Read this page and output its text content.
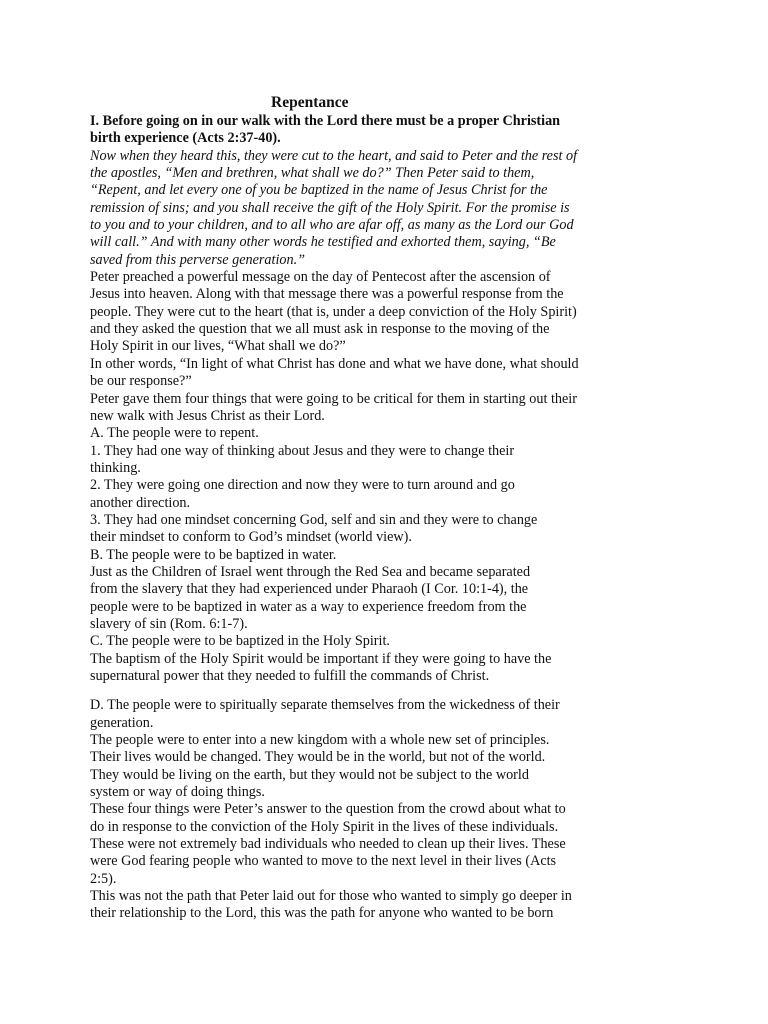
Repentance

I. Before going on in our walk with the Lord there must be a proper Christian

birth experience (Acts 2:37-40).

Now when they heard this, they were cut to the heart, and said to Peter and the rest of

the apostles, “Men and brethren, what shall we do?” Then Peter said to them,

“Repent, and let every one of you be baptized in the name of Jesus Christ for the

remission of sins; and you shall receive the gift of the Holy Spirit. For the promise is

to you and to your children, and to all who are afar off, as many as the Lord our God

will call.” And with many other words he testified and exhorted them, saying, “Be

saved from this perverse generation.”

Peter preached a powerful message on the day of Pentecost after the ascension of

Jesus into heaven. Along with that message there was a powerful response from the

people. They were cut to the heart (that is, under a deep conviction of the Holy Spirit)

and they asked the question that we all must ask in response to the moving of the

Holy Spirit in our lives, “What shall we do?”

In other words, “In light of what Christ has done and what we have done, what should

be our response?”

Peter gave them four things that were going to be critical for them in starting out their

new walk with Jesus Christ as their Lord.

A. The people were to repent.

1. They had one way of thinking about Jesus and they were to change their

thinking.

2. They were going one direction and now they were to turn around and go

another direction.

3. They had one mindset concerning God, self and sin and they were to change

their mindset to conform to God’s mindset (world view).

B. The people were to be baptized in water.

Just as the Children of Israel went through the Red Sea and became separated

from the slavery that they had experienced under Pharaoh (I Cor. 10:1-4), the

people were to be baptized in water as a way to experience freedom from the

slavery of sin (Rom. 6:1-7).

C. The people were to be baptized in the Holy Spirit.

The baptism of the Holy Spirit would be important if they were going to have the

supernatural power that they needed to fulfill the commands of Christ.

D. The people were to spiritually separate themselves from the wickedness of their

generation.

The people were to enter into a new kingdom with a whole new set of principles.

Their lives would be changed. They would be in the world, but not of the world.

They would be living on the earth, but they would not be subject to the world

system or way of doing things.

These four things were Peter’s answer to the question from the crowd about what to

do in response to the conviction of the Holy Spirit in the lives of these individuals.

These were not extremely bad individuals who needed to clean up their lives. These

were God fearing people who wanted to move to the next level in their lives (Acts

2:5).

This was not the path that Peter laid out for those who wanted to simply go deeper in

their relationship to the Lord, this was the path for anyone who wanted to be born
